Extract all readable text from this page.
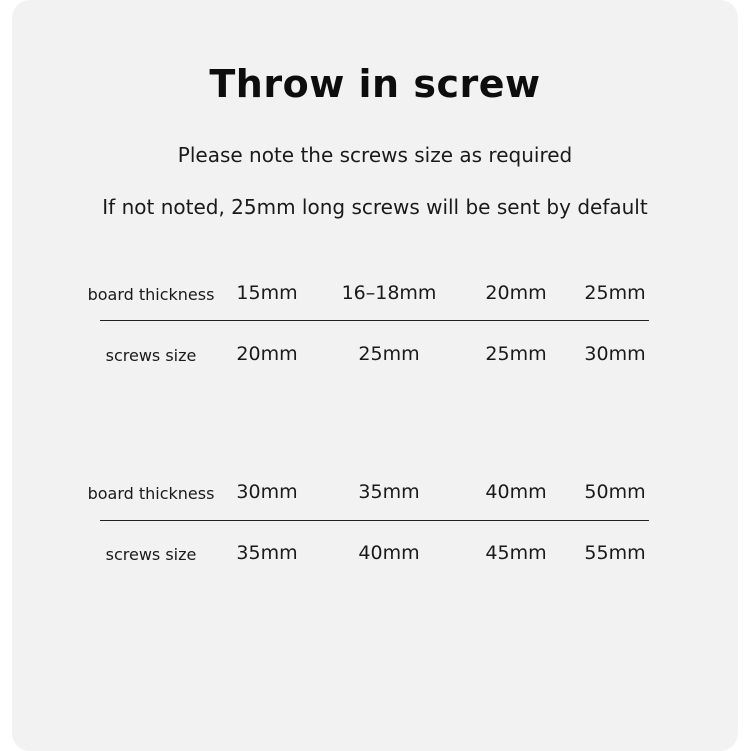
Throw in screw
Please note the screws size as required
If not noted, 25mm long screws will be sent by default
board thickness	15mm	16–18mm	20mm	25mm
screws size	20mm	25mm	25mm	30mm
board thickness	30mm	35mm	40mm	50mm
screws size	35mm	40mm	45mm	55mm
